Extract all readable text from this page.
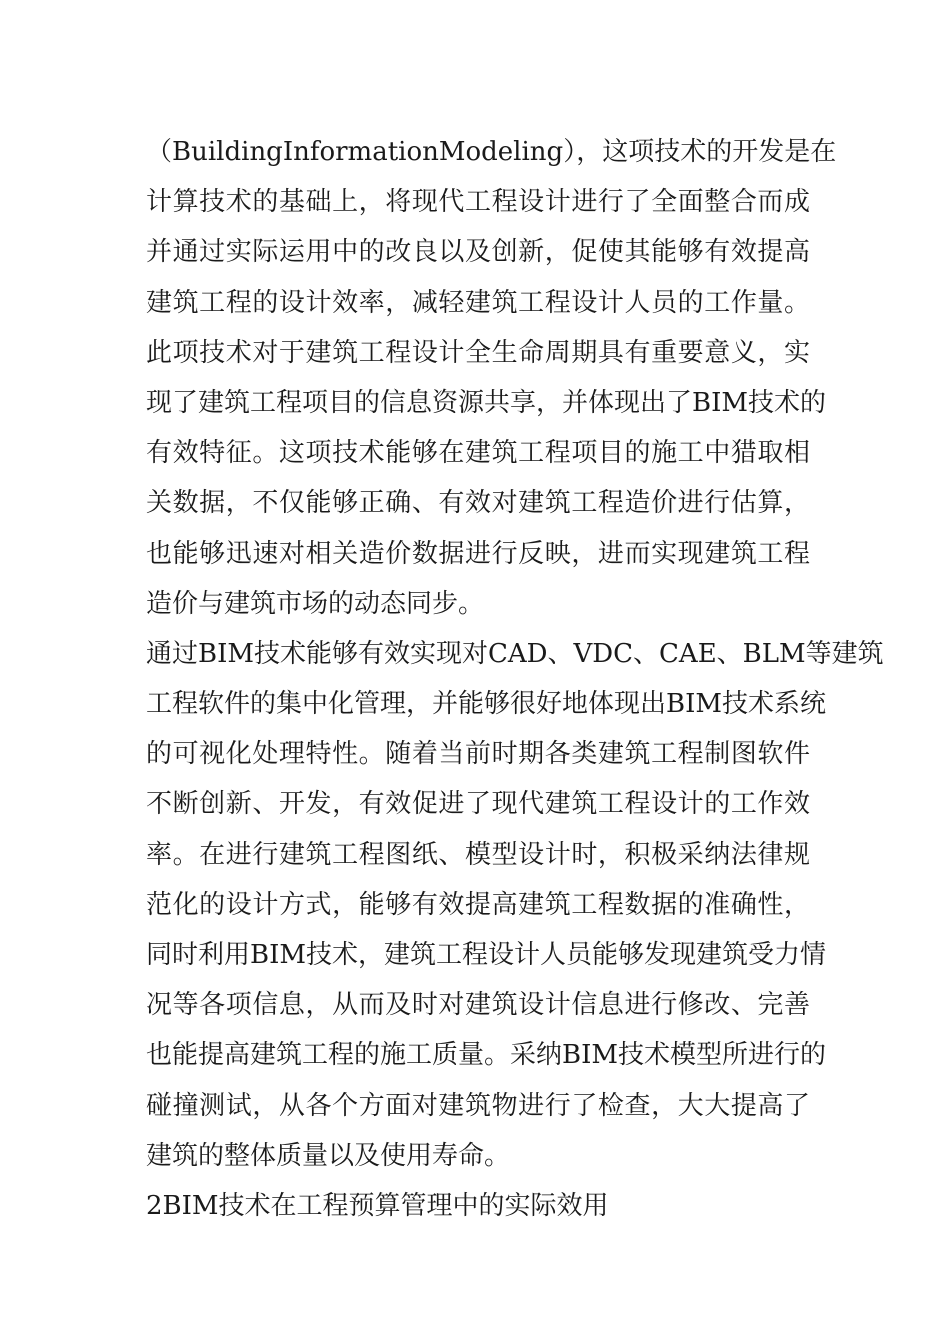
（BuildingInformationModeling），这项技术的开发是在
计算技术的基础上，将现代工程设计进行了全面整合而成
并通过实际运用中的改良以及创新，促使其能够有效提高
建筑工程的设计效率，减轻建筑工程设计人员的工作量。
此项技术对于建筑工程设计全生命周期具有重要意义，实
现了建筑工程项目的信息资源共享，并体现出了BIM技术的
有效特征。这项技术能够在建筑工程项目的施工中猎取相
关数据，不仅能够正确、有效对建筑工程造价进行估算，
也能够迅速对相关造价数据进行反映，进而实现建筑工程
造价与建筑市场的动态同步。
通过BIM技术能够有效实现对CAD、VDC、CAE、BLM等建筑
工程软件的集中化管理，并能够很好地体现出BIM技术系统
的可视化处理特性。随着当前时期各类建筑工程制图软件
不断创新、开发，有效促进了现代建筑工程设计的工作效
率。在进行建筑工程图纸、模型设计时，积极采纳法律规
范化的设计方式，能够有效提高建筑工程数据的准确性，
同时利用BIM技术，建筑工程设计人员能够发现建筑受力情
况等各项信息，从而及时对建筑设计信息进行修改、完善
也能提高建筑工程的施工质量。采纳BIM技术模型所进行的
碰撞测试，从各个方面对建筑物进行了检查，大大提高了
建筑的整体质量以及使用寿命。
2BIM技术在工程预算管理中的实际效用
